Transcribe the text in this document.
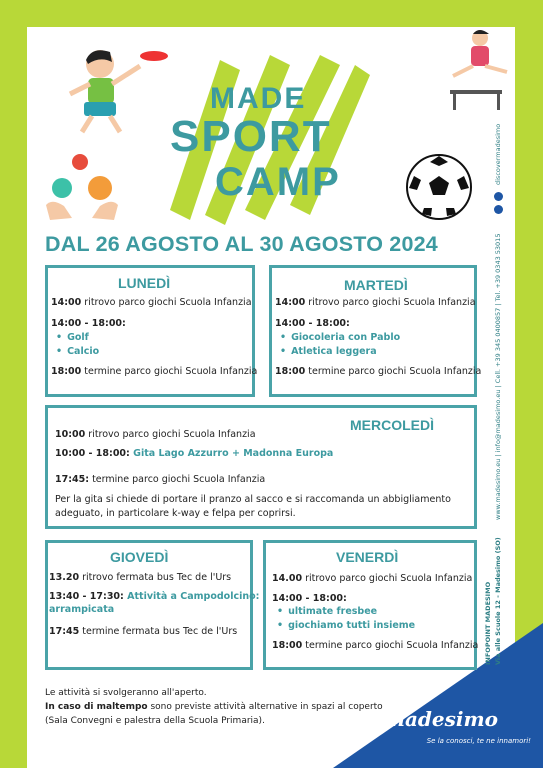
MADE
SPORT
CAMP
DAL 26 AGOSTO AL 30 AGOSTO 2024
LUNEDÌ
14:00 ritrovo parco giochi Scuola Infanzia
14:00 - 18:00:
• Golf
• Calcio
18:00 termine parco giochi Scuola Infanzia
MARTEDÌ
14:00 ritrovo parco giochi Scuola Infanzia
14:00 - 18:00:
• Giocoleria con Pablo
• Atletica leggera
18:00 termine parco giochi Scuola Infanzia
MERCOLEDÌ
10:00 ritrovo parco giochi Scuola Infanzia
10:00 - 18:00: Gita Lago Azzurro + Madonna Europa
17:45: termine parco giochi Scuola Infanzia
Per la gita si chiede di portare il pranzo al sacco e si raccomanda un abbigliamento
adeguato, in particolare k-way e felpa per coprirsi.
GIOVEDÌ
13.20 ritrovo fermata bus Tec de l'Urs
13:40 - 17:30: Attività a Campodolcino:
arrampicata
17:45 termine fermata bus Tec de l'Urs
VENERDÌ
14.00 ritrovo parco giochi Scuola Infanzia
14:00 - 18:00:
• ultimate fresbee
• giochiamo tutti insieme
18:00 termine parco giochi Scuola Infanzia
Le attività si svolgeranno all'aperto.
In caso di maltempo sono previste attività alternative in spazi al coperto
(Sala Convegni e palestra della Scuola Primaria).
discovermadesimo
www.madesimo.eu | info@madesimo.eu | Cell. +39 345 0400857 | Tel. +39 0343 53015
INFOPOINT MADESIMO Via alle Scuole 12 - Madesimo (SO)
madesimo
Se la conosci, te ne innamori!
